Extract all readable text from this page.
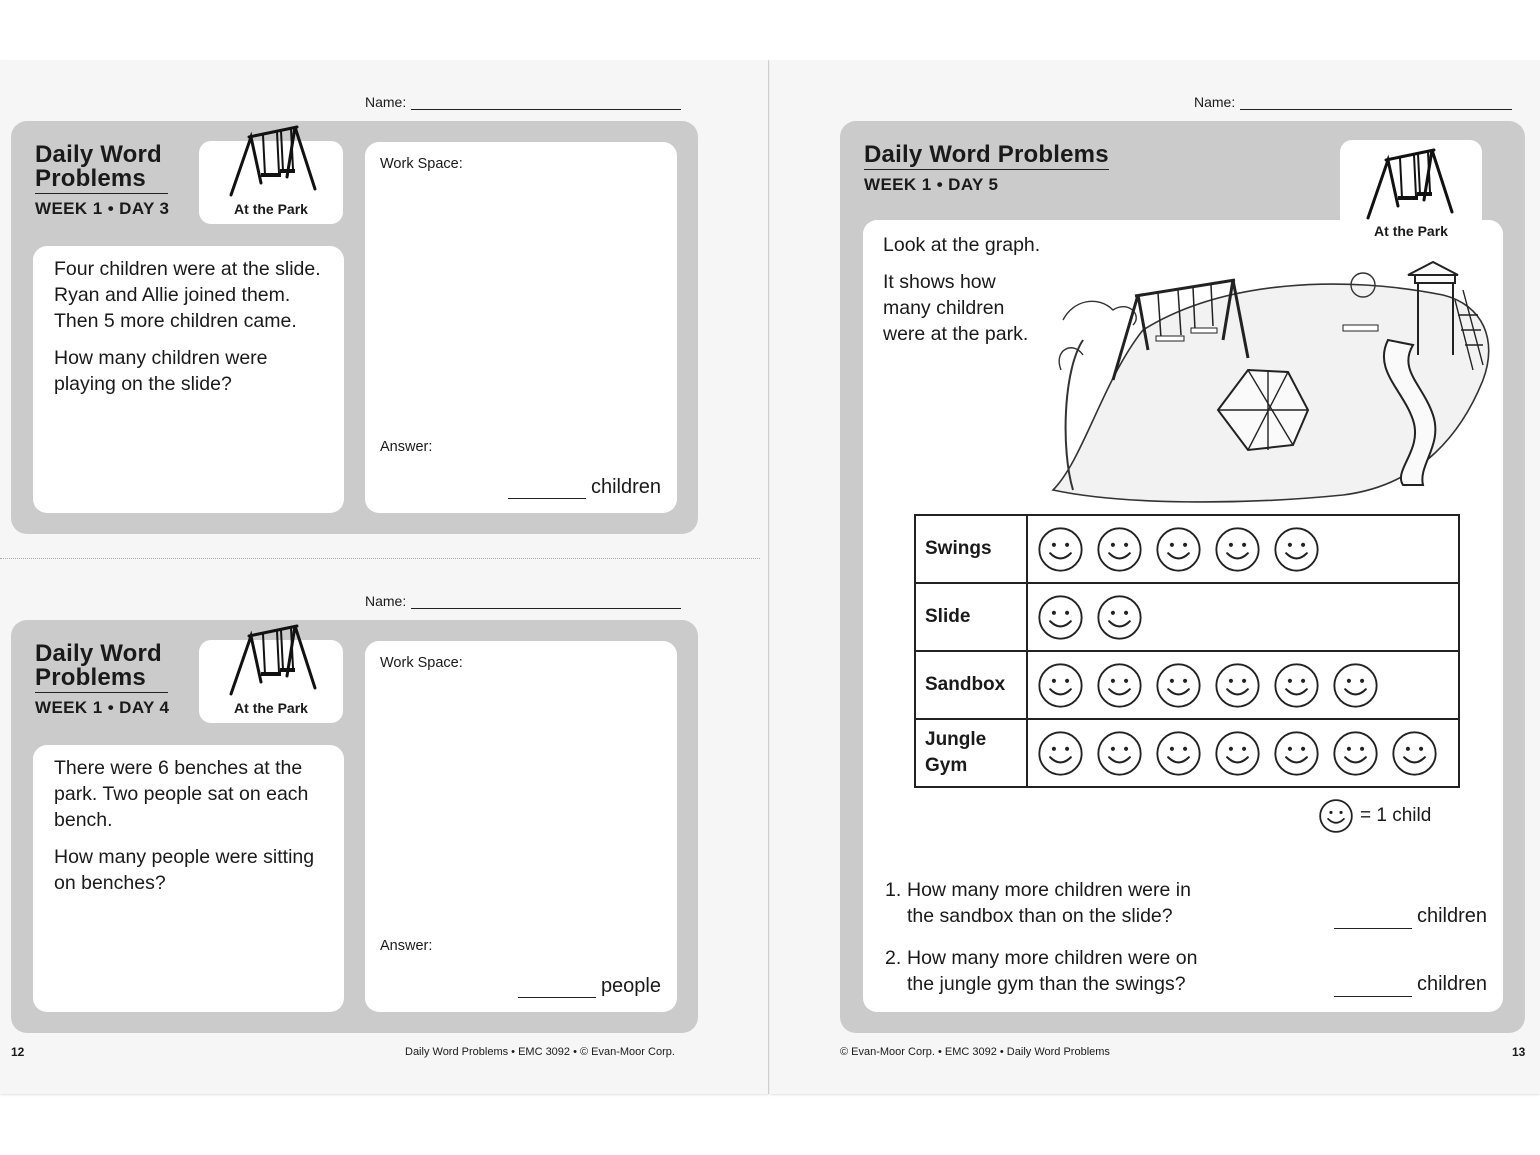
Name:
Daily Word
Problems
WEEK 1 • DAY 3	At the Park

Four children were at the slide. Ryan and Allie joined them. Then 5 more children came.

How many children were playing on the slide?

Work Space:
Answer:
children
Name:
Daily Word
Problems
WEEK 1 • DAY 4	At the Park

There were 6 benches at the park. Two people sat on each bench.

How many people were sitting on benches?

Work Space:
Answer:
people
12	Daily Word Problems • EMC 3092 • © Evan-Moor Corp.
Name:
Daily Word Problems
WEEK 1 • DAY 5
Look at the graph.
It shows how
many children
were at the park.
Swings	
Slide	
Sandbox	

Jungle
Gym

= 1 child
1. How many more children were in
the sandbox than on the slide?	children
2. How many more children were on
the jungle gym than the swings?	children
At the Park
© Evan-Moor Corp. • EMC 3092 • Daily Word Problems	13
